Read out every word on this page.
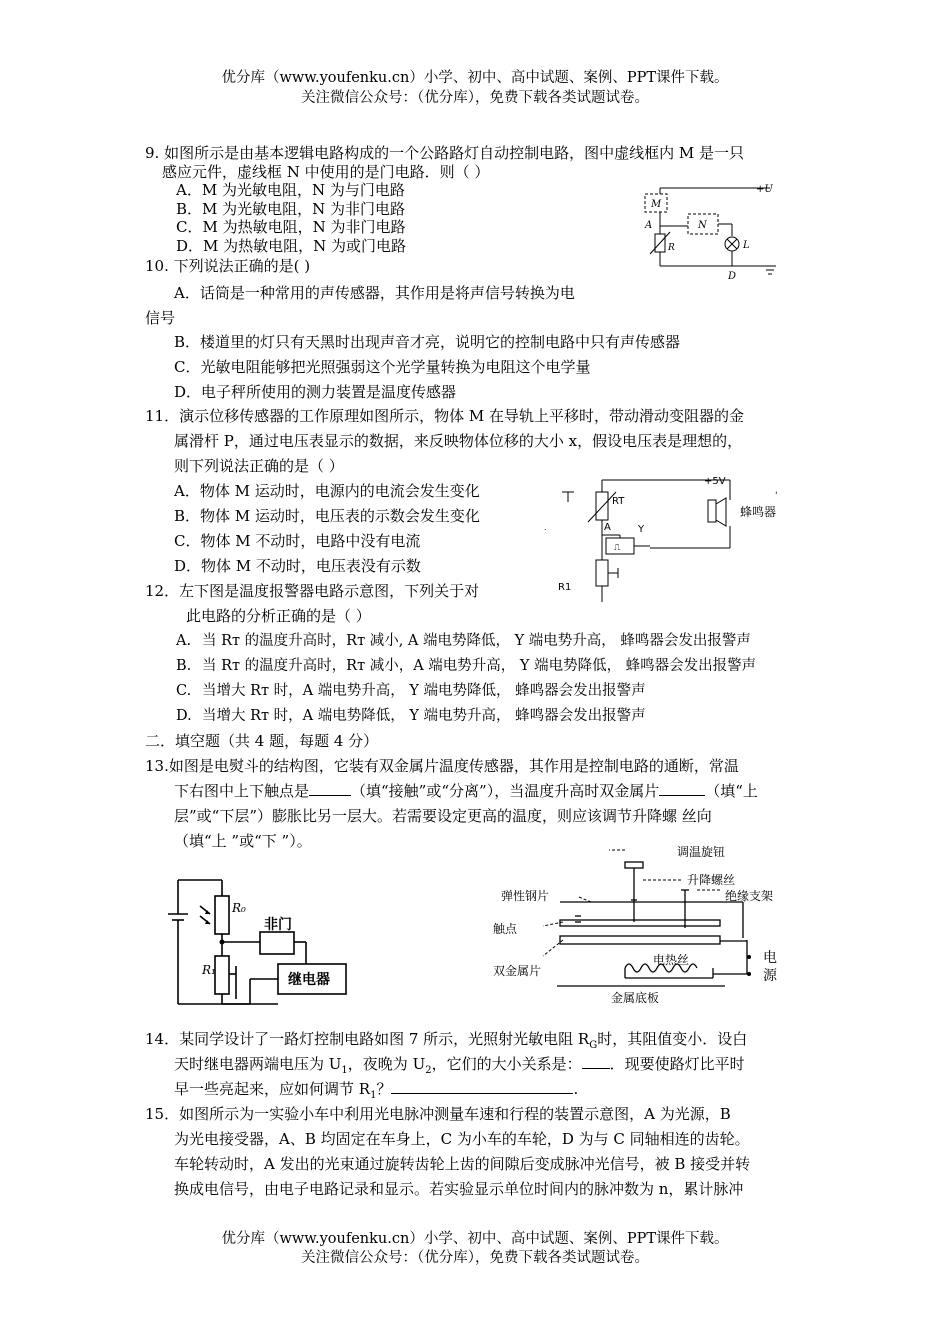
优分库（www.youfenku.cn）小学、初中、高中试题、案例、PPT课件下载。
关注微信公众号：（优分库），免费下载各类试题试卷。
9. 如图所示是由基本逻辑电路构成的一个公路路灯自动控制电路，图中虚线框内 M 是一只
感应元件，虚线框 N 中使用的是门电路．则（ ）
A．M 为光敏电阻，N 为与门电路
B．M 为光敏电阻，N 为非门电路
C．M 为热敏电阻，N 为非门电路
D．M 为热敏电阻，N 为或门电路
+U
M
N
A
R	L
D
10. 下列说法正确的是( )
A．话筒是一种常用的声传感器，其作用是将声信号转换为电
信号
B．楼道里的灯只有天黑时出现声音才亮，说明它的控制电路中只有声传感器
C．光敏电阻能够把光照强弱这个光学量转换为电阻这个电学量
D．电子秤所使用的测力装置是温度传感器
11．演示位移传感器的工作原理如图所示，物体 M 在导轨上平移时，带动滑动变阻器的金
属滑杆 P，通过电压表显示的数据，来反映物体位移的大小 x，假设电压表是理想的，
则下列说法正确的是（ ）
A．物体 M 运动时，电源内的电流会发生变化
B．物体 M 运动时，电压表的示数会发生变化
C．物体 M 不动时，电路中没有电流
D．物体 M 不动时，电压表没有示数
.
+5V
RT
A	Y
蜂鸣器
R1
⎍
'
12．左下图是温度报警器电路示意图，下列关于对
此电路的分析正确的是（ ）
A. 当 Rᴛ 的温度升高时，Rᴛ 减小, A 端电势降低， Y 端电势升高， 蜂鸣器会发出报警声
B. 当 Rᴛ 的温度升高时，Rᴛ 减小，A 端电势升高， Y 端电势降低， 蜂鸣器会发出报警声
C. 当增大 Rᴛ 时，A 端电势升高， Y 端电势降低， 蜂鸣器会发出报警声
D. 当增大 Rᴛ 时，A 端电势降低， Y 端电势升高， 蜂鸣器会发出报警声
二．填空题（共 4 题，每题 4 分）
13.如图是电熨斗的结构图，它装有双金属片温度传感器，其作用是控制电路的通断，常温
下右图中上下触点是	（填“接触”或“分离”），当温度升高时双金属片	（填“上
层”或“下层”）膨胀比另一层大。若需要设定更高的温度，则应该调节升降螺 丝向
（填“上 ”或“下 ”）。
R₀
R₁
非门
继电器
调温旋钮
升降螺丝
绝缘支架
弹性钢片
触点
双金属片
电热丝	电
源
金属底板
14．某同学设计了一路灯控制电路如图 7 所示，光照射光敏电阻 $R_G$时，其阻值变小．设白
天时继电器两端电压为 $U_1$，夜晚为 $U_2$，它们的大小关系是： ．现要使路灯比平时
早一些亮起来，应如何调节 $R_1$？	.
15．如图所示为一实验小车中利用光电脉冲测量车速和行程的装置示意图，A 为光源，B
为光电接受器，A、B 均固定在车身上，C 为小车的车轮，D 为与 C 同轴相连的齿轮。
车轮转动时，A 发出的光束通过旋转齿轮上齿的间隙后变成脉冲光信号，被 B 接受并转
换成电信号，由电子电路记录和显示。若实验显示单位时间内的脉冲数为 n，累计脉冲
优分库（www.youfenku.cn）小学、初中、高中试题、案例、PPT课件下载。
关注微信公众号：（优分库），免费下载各类试题试卷。
